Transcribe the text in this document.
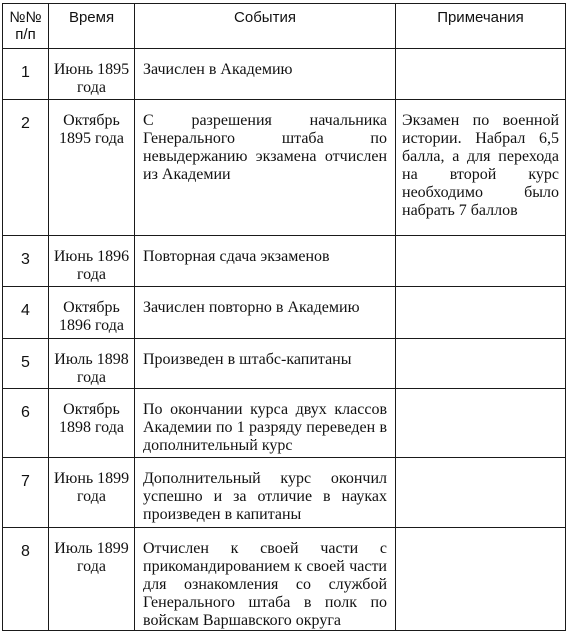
№№ п/п	Время	События	Примечания

1	Июнь 1895 года	Зачислен в Академию	

2	Октябрь 1895 года	С разрешения начальника Генерального штаба по невыдержанию экзамена отчислен из Академии	Экзамен по военной истории. Набрал 6,5 балла, а для перехода на второй курс необходимо было набрать 7 баллов

3	Июнь 1896 года	Повторная сдача экзаменов	

4	Октябрь 1896 года	Зачислен повторно в Академию	

5	Июль 1898 года	Произведен в штабс-капитаны	

6	Октябрь 1898 года	По окончании курса двух классов Академии по 1 разряду переведен в дополнительный курс	

7	Июнь 1899 года	Дополнительный курс окончил успешно и за отличие в науках произведен в капитаны	

8	Июль 1899 года	Отчислен к своей части с прикомандированием к своей части для ознакомления со службой Генерального штаба в полк по войскам Варшавского округа	
